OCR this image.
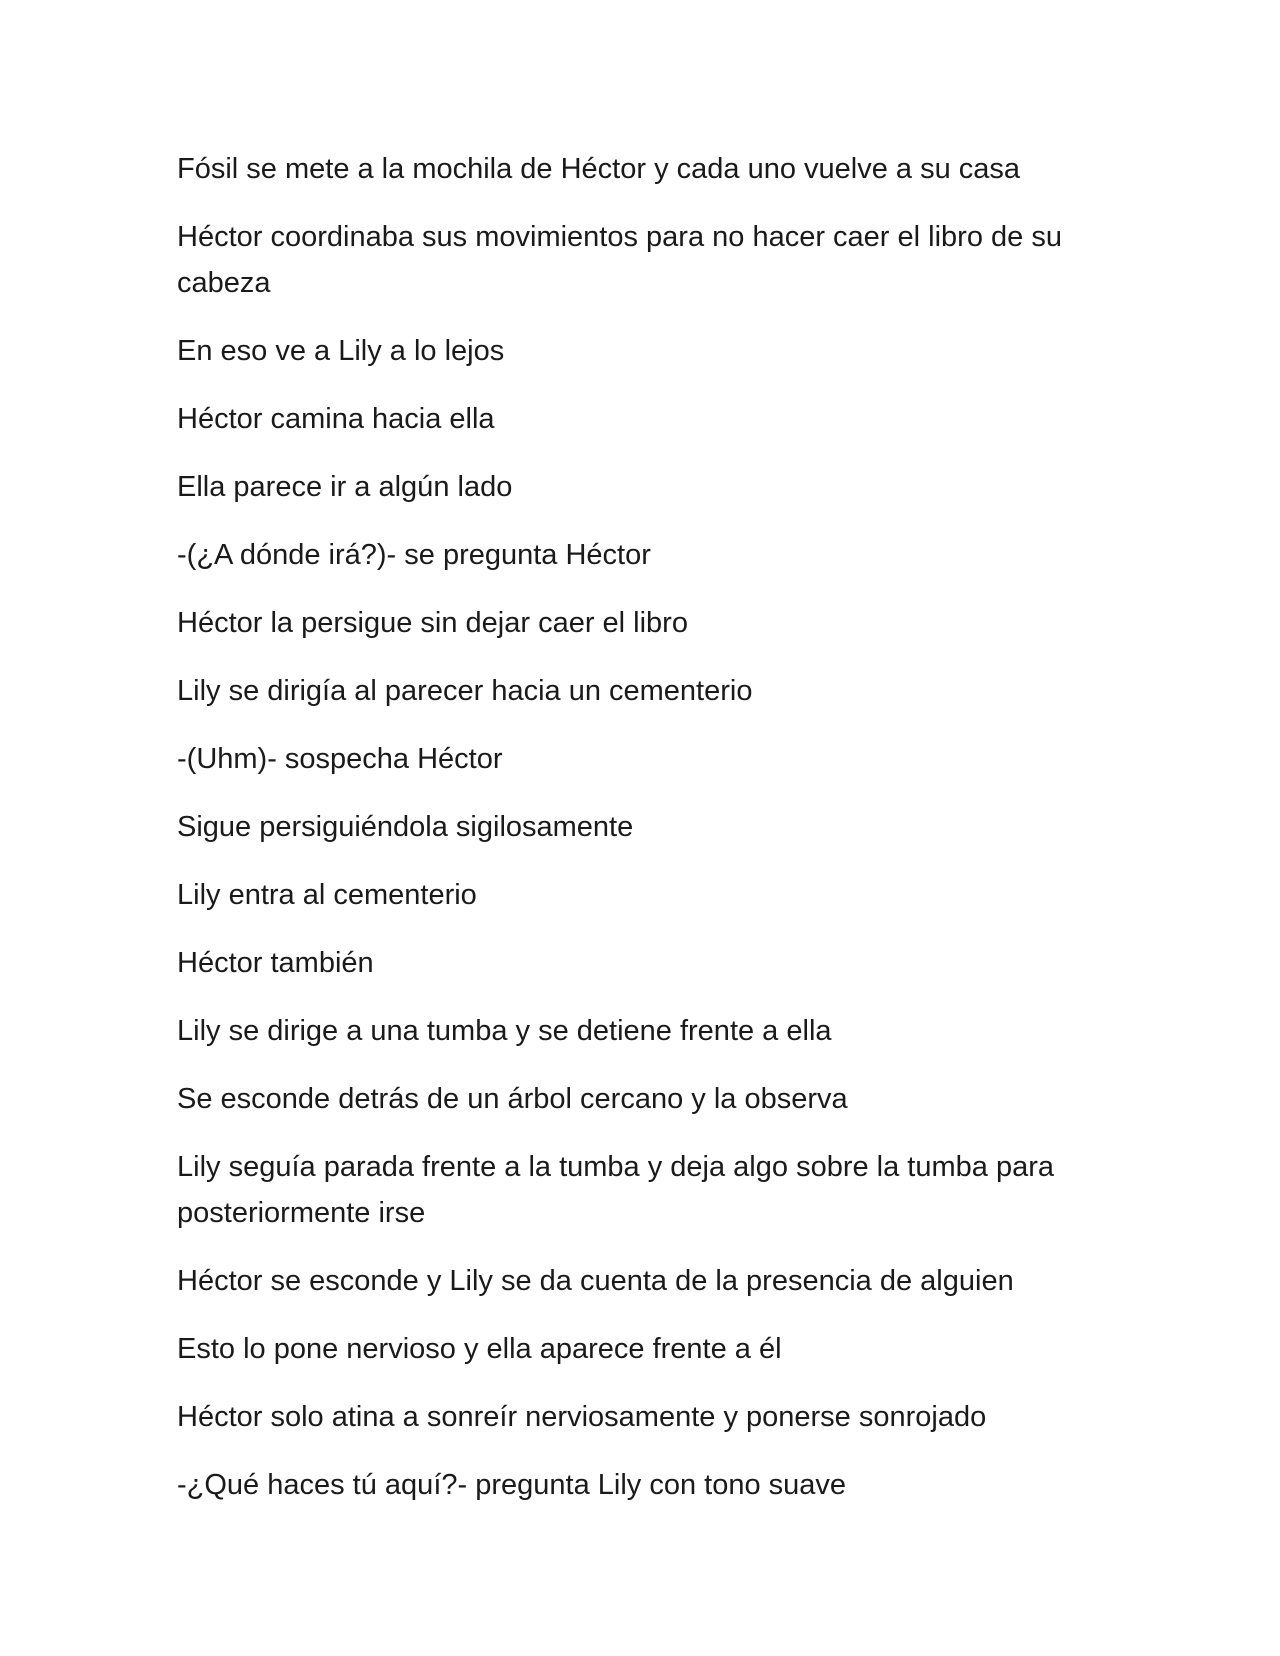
Fósil se mete a la mochila de Héctor y cada uno vuelve a su casa

Héctor coordinaba sus movimientos para no hacer caer el libro de su cabeza

En eso ve a Lily a lo lejos

Héctor camina hacia ella

Ella parece ir a algún lado

-(¿A dónde irá?)- se pregunta Héctor

Héctor la persigue sin dejar caer el libro

Lily se dirigía al parecer hacia un cementerio

-(Uhm)- sospecha Héctor

Sigue persiguiéndola sigilosamente

Lily entra al cementerio

Héctor también

Lily se dirige a una tumba y se detiene frente a ella

Se esconde detrás de un árbol cercano y la observa

Lily seguía parada frente a la tumba y deja algo sobre la tumba para posteriormente irse

Héctor se esconde y Lily se da cuenta de la presencia de alguien

Esto lo pone nervioso y ella aparece frente a él

Héctor solo atina a sonreír nerviosamente y ponerse sonrojado

-¿Qué haces tú aquí?- pregunta Lily con tono suave
